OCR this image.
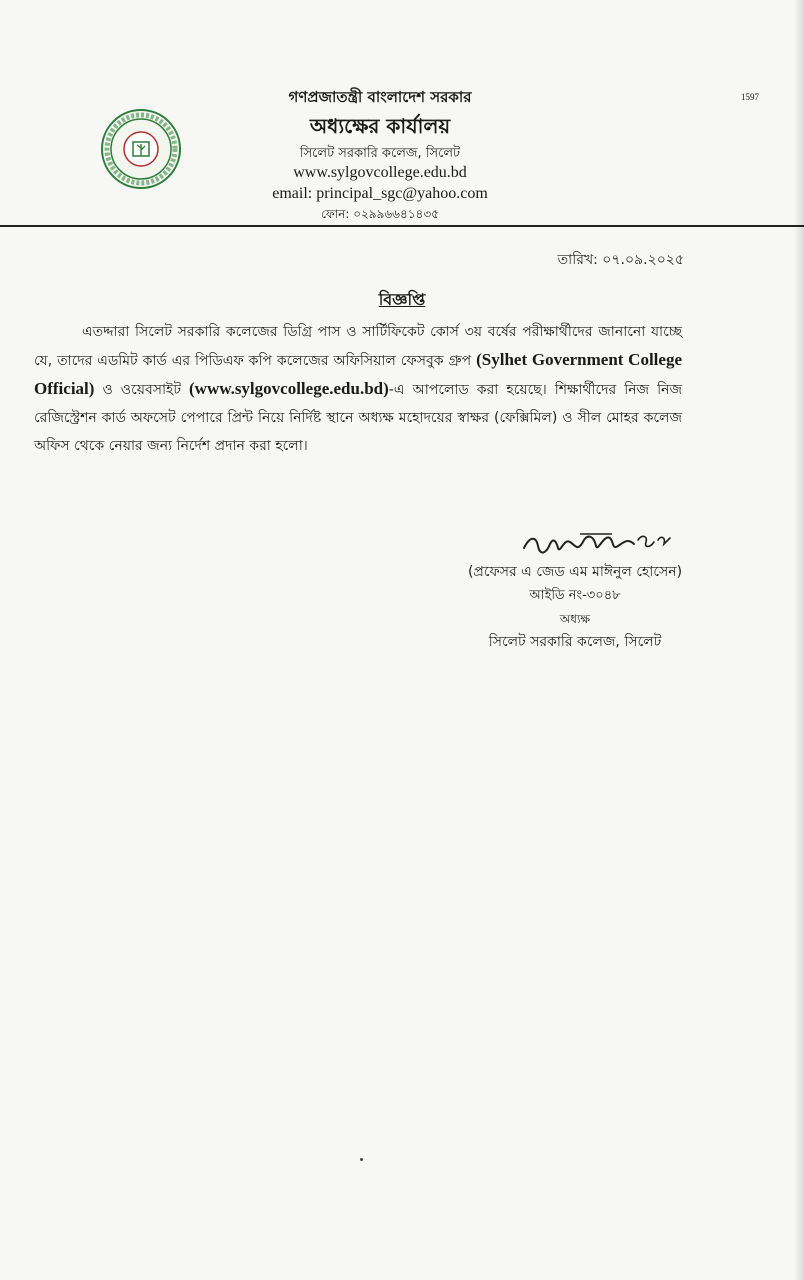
1597
গণপ্রজাতন্ত্রী বাংলাদেশ সরকার
অধ্যক্ষের কার্যালয়
সিলেট সরকারি কলেজ, সিলেট
www.sylgovcollege.edu.bd
email: principal_sgc@yahoo.com
ফোন: ০২৯৯৬৬৪১৪৩৫
তারিখ: ০৭.০৯.২০২৫
বিজ্ঞপ্তি
এতদ্দারা সিলেট সরকারি কলেজের ডিগ্রি পাস ও সার্টিফিকেট কোর্স ৩য় বর্ষের পরীক্ষার্থীদের জানানো যাচ্ছে যে, তাদের এডমিট কার্ড এর পিডিএফ কপি কলেজের অফিসিয়াল ফেসবুক গ্রুপ (Sylhet Government College Official) ও ওয়েবসাইট (www.sylgovcollege.edu.bd)-এ আপলোড করা হয়েছে। শিক্ষার্থীদের নিজ নিজ রেজিস্ট্রেশন কার্ড অফসেট পেপারে প্রিন্ট নিয়ে নির্দিষ্ট স্থানে অধ্যক্ষ মহোদয়ের স্বাক্ষর (ফেক্সিমিল) ও সীল মোহর কলেজ অফিস থেকে নেয়ার জন্য নির্দেশ প্রদান করা হলো।
(প্রফেসর এ জেড এম মাঈনুল হোসেন)
আইডি নং-৩০৪৮
অধ্যক্ষ
সিলেট সরকারি কলেজ, সিলেট
